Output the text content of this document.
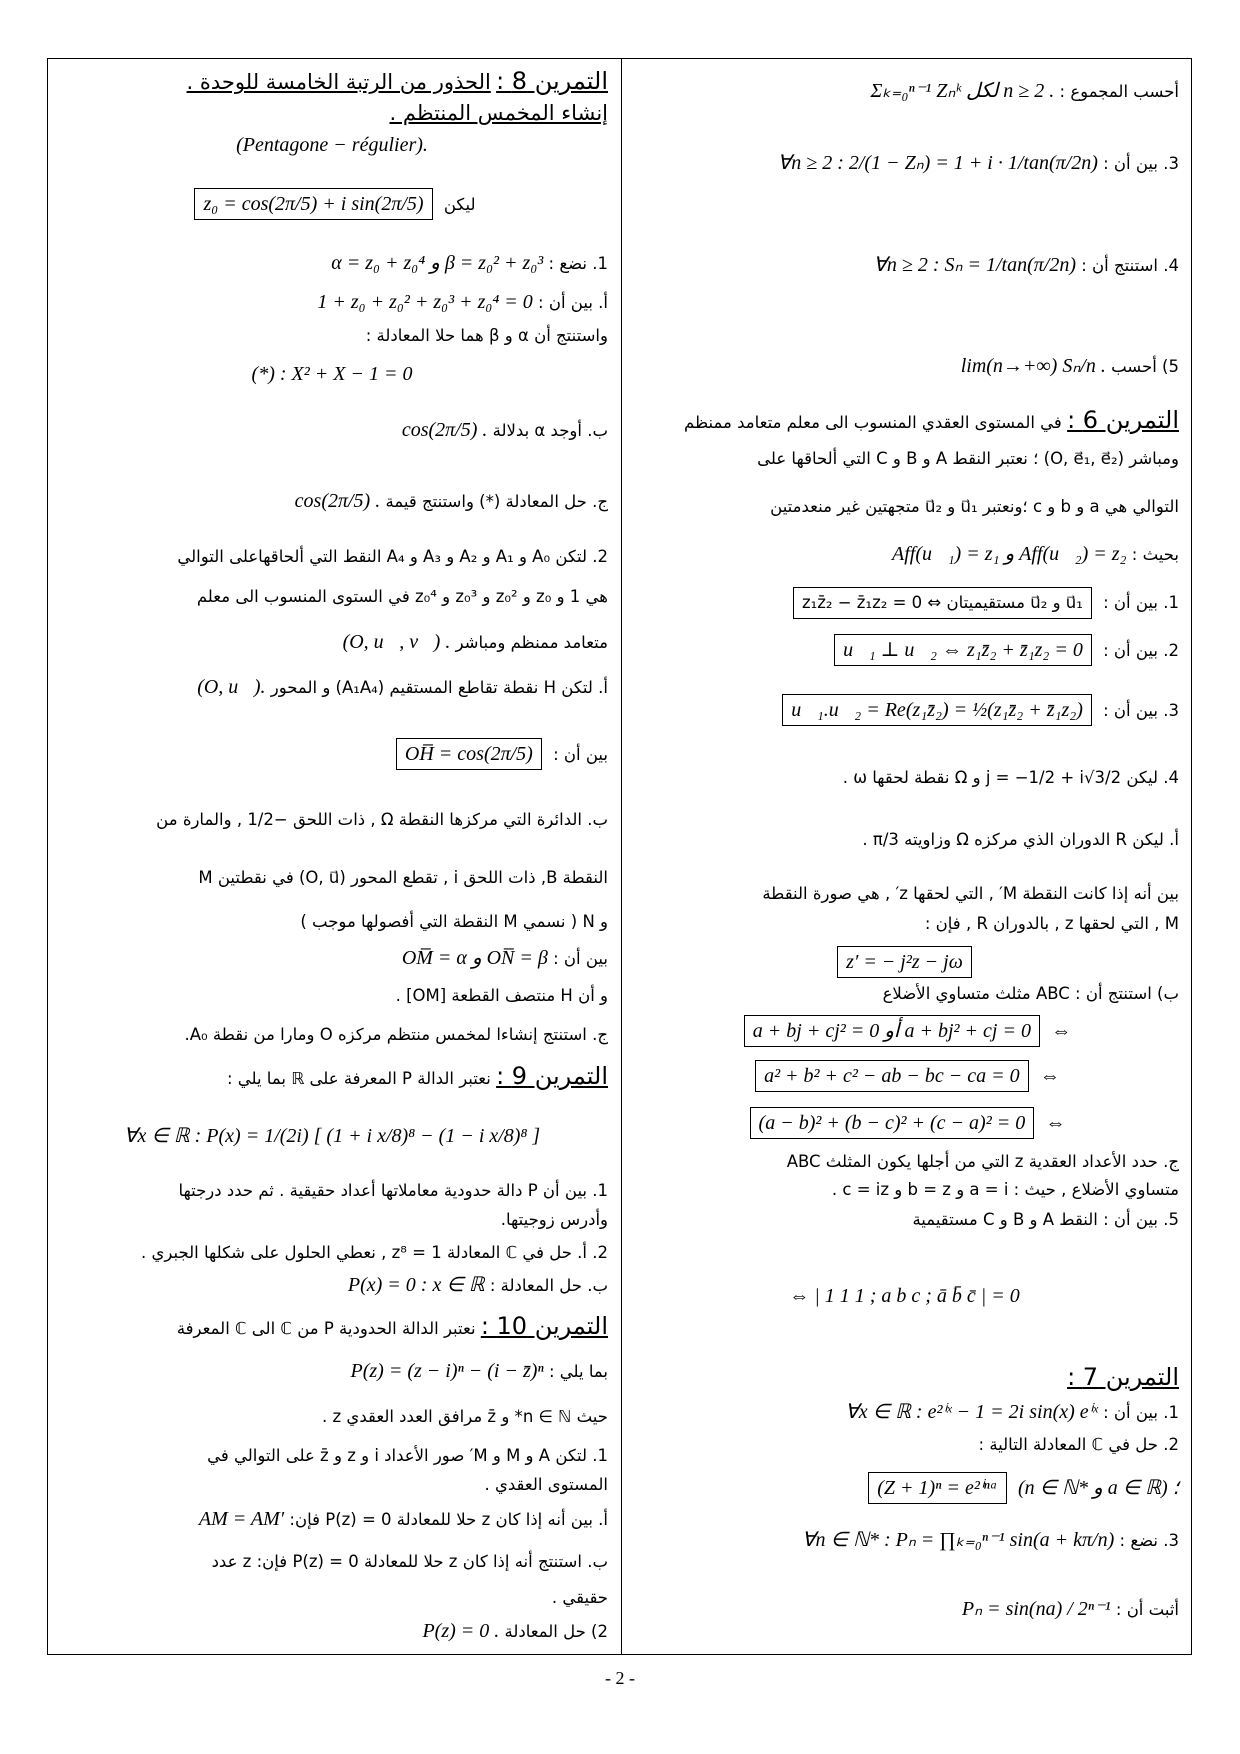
التمرين 8 : الحذور من الرتبة الخامسة للوحدة .
إنشاء المخمس المنتظم .
(Pentagone − régulier).
ليكن z₀ = cos(2π/5) + i sin(2π/5)
1. نضع : α = z₀ + z₀⁴ و β = z₀² + z₀³
أ. بين أن : 1 + z₀ + z₀² + z₀³ + z₀⁴ = 0
واستنتج أن α و β هما حلا المعادلة :
(*) : X² + X − 1 = 0
ب. أوجد α بدلالة cos(2π/5) .
ج. حل المعادلة (*) واستنتج قيمة cos(2π/5) .
2. لتكن A₀ و A₁ و A₂ و A₃ و A₄ النقط التي ألحاقهاعلى التوالي
هي 1 و z₀ و z₀² و z₀³ و z₀⁴ في الستوى المنسوب الى معلم
متعامد ممنظم ومباشر (O, u⃗, v⃗) .
أ. لتكن H نقطة تقاطع المستقيم (A₁A₄) و المحور (O, u⃗).
بين أن : OH̅ = cos(2π/5)
ب. الدائرة التي مركزها النقطة Ω , ذات اللحق −1/2 , والمارة من
النقطة B, ذات اللحق i , تقطع المحور (O, u⃗) في نقطتين M
و N ( نسمي M النقطة التي أفصولها موجب )
بين أن : OM̅ = α و ON̅ = β
و أن H منتصف القطعة [OM] .
ج. استنتج إنشاءا لمخمس منتظم مركزه O ومارا من نقطة A₀.
التمرين 9 : نعتبر الدالة P المعرفة على ℝ بما يلي :
∀x ∈ ℝ : P(x) = 1/(2i) [ (1 + i x/8)⁸ − (1 − i x/8)⁸ ]
1. بين أن P دالة حدودية معاملاتها أعداد حقيقية . ثم حدد درجتها
وأدرس زوجيتها.
2. أ. حل في ℂ المعادلة z⁸ = 1 , نعطي الحلول على شكلها الجبري .
ب. حل المعادلة : P(x) = 0 : x ∈ ℝ
التمرين 10 : نعتبر الدالة الحدودية P من ℂ الى ℂ المعرفة
بما يلي : P(z) = (z − i)ⁿ − (i − z̄)ⁿ
حيث n ∈ ℕ* و z̄ مرافق العدد العقدي z .
1. لتكن A و M و M′ صور الأعداد i و z و z̄ على التوالي في
المستوى العقدي .
أ. بين أنه إذا كان z حلا للمعادلة P(z) = 0 فإن: AM = AM′
ب. استنتج أنه إذا كان z حلا للمعادلة P(z) = 0 فإن: z عدد
حقيقي .
2) حل المعادلة P(z) = 0 .
أحسب المجموع : Σₖ₌₀ⁿ⁻¹ Zₙᵏ لكل n ≥ 2 .
3. بين أن : ∀n ≥ 2 : 2/(1 − Zₙ) = 1 + i · 1/tan(π/2n)
4. استنتج أن : ∀n ≥ 2 : Sₙ = 1/tan(π/2n)
5) أحسب lim(n→+∞) Sₙ/n .
التمرين 6 : في المستوى العقدي المنسوب الى معلم متعامد ممنظم
ومباشر (O, e⃗₁, e⃗₂) ؛ نعتبر النقط A و B و C التي ألحاقها على
التوالي هي a و b و c ؛ونعتبر u⃗₁ و u⃗₂ متجهتين غير منعدمتين
بحيث : Aff(u⃗₁) = z₁ و Aff(u⃗₂) = z₂
1. بين أن : u⃗₁ و u⃗₂ مستقيميتان ⇔ z₁z̄₂ − z̄₁z₂ = 0
2. بين أن : u⃗₁ ⊥ u⃗₂ ⇔ z₁z̄₂ + z̄₁z₂ = 0
3. بين أن : u⃗₁.u⃗₂ = Re(z₁z̄₂) = ½(z₁z̄₂ + z̄₁z₂)
4. ليكن j = −1/2 + i√3/2 و Ω نقطة لحقها ω .
أ. ليكن R الدوران الذي مركزه Ω وزاويته π/3 .
بين أنه إذا كانت النقطة M′ , التي لحقها z′ , هي صورة النقطة
M , التي لحقها z , بالدوران R , فإن :
z′ = − j²z − jω
ب) استنتج أن : ABC مثلث متساوي الأضلاع
⇔ a + bj + cj² = 0 أو a + bj² + cj = 0
⇔ a² + b² + c² − ab − bc − ca = 0
⇔ (a − b)² + (b − c)² + (c − a)² = 0
ج. حدد الأعداد العقدية z التي من أجلها يكون المثلث ABC
متساوي الأضلاع , حيث : a = i و b = z و c = iz .
5. بين أن : النقط A و B و C مستقيمية
⇔ | 1 1 1 ; a b c ; ā b̄ c̄ | = 0
التمرين 7 :
1. بين أن : ∀x ∈ ℝ : e²ⁱˣ − 1 = 2i sin(x) eⁱˣ
2. حل في ℂ المعادلة التالية :
(n ∈ ℕ* و a ∈ ℝ) ؛ (Z + 1)ⁿ = e²ⁱⁿᵃ
3. نضع : ∀n ∈ ℕ* : Pₙ = ∏ₖ₌₀ⁿ⁻¹ sin(a + kπ/n)
أثبت أن : Pₙ = sin(na) / 2ⁿ⁻¹
- 2 -
